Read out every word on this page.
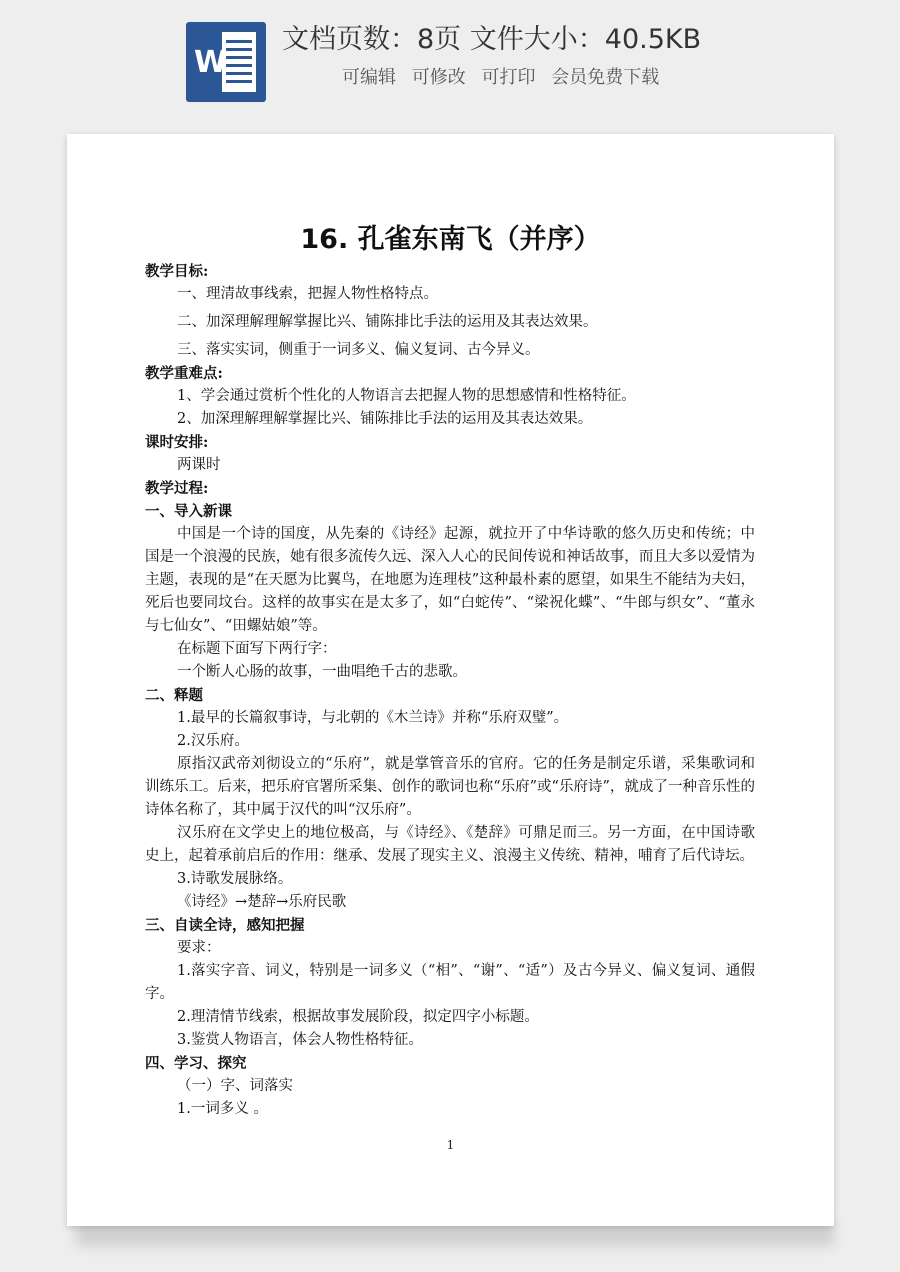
W
文档页数：8页 文件大小：40.5KB
可编辑 可修改 可打印 会员免费下载
16. 孔雀东南飞（并序）

教学目标:

一、理清故事线索，把握人物性格特点。

二、加深理解理解掌握比兴、铺陈排比手法的运用及其表达效果。

三、落实实词，侧重于一词多义、偏义复词、古今异义。

教学重难点:

1、学会通过赏析个性化的人物语言去把握人物的思想感情和性格特征。

2、加深理解理解掌握比兴、铺陈排比手法的运用及其表达效果。

课时安排:

两课时

教学过程:

一、导入新课

中国是一个诗的国度，从先秦的《诗经》起源，就拉开了中华诗歌的悠久历史和传统；中国是一个浪漫的民族，她有很多流传久远、深入人心的民间传说和神话故事，而且大多以爱情为主题，表现的是“在天愿为比翼鸟，在地愿为连理枝”这种最朴素的愿望，如果生不能结为夫妇，死后也要同坟台。这样的故事实在是太多了，如“白蛇传”、“梁祝化蝶”、“牛郎与织女”、“董永与七仙女”、“田螺姑娘”等。

在标题下面写下两行字：

一个断人心肠的故事，一曲唱绝千古的悲歌。

二、释题

1.最早的长篇叙事诗，与北朝的《木兰诗》并称“乐府双璧”。

2.汉乐府。

原指汉武帝刘彻设立的“乐府”，就是掌管音乐的官府。它的任务是制定乐谱，采集歌词和训练乐工。后来，把乐府官署所采集、创作的歌词也称“乐府”或“乐府诗”，就成了一种音乐性的诗体名称了，其中属于汉代的叫“汉乐府”。

汉乐府在文学史上的地位极高，与《诗经》、《楚辞》可鼎足而三。另一方面，在中国诗歌史上，起着承前启后的作用：继承、发展了现实主义、浪漫主义传统、精神，哺育了后代诗坛。

3.诗歌发展脉络。

《诗经》→楚辞→乐府民歌

三、自读全诗，感知把握

要求：

1.落实字音、词义，特别是一词多义（“相”、“谢”、“适”）及古今异义、偏义复词、通假字。

2.理清情节线索，根据故事发展阶段，拟定四字小标题。

3.鉴赏人物语言，体会人物性格特征。

四、学习、探究

（一）字、词落实

1.一词多义 。

1
